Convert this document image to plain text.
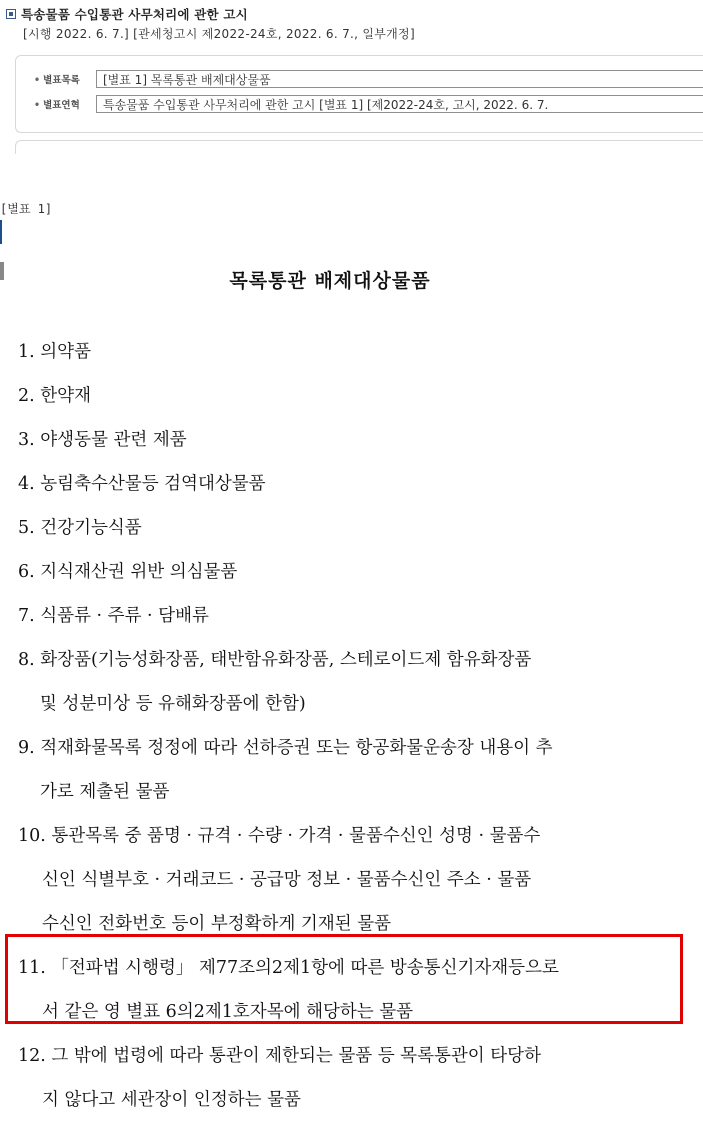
특송물품 수입통관 사무처리에 관한 고시
[시행 2022. 6. 7.] [관세청고시 제2022-24호, 2022. 6. 7., 일부개정]
• 별표목록	[별표 1] 목록통관 배제대상물품
• 별표연혁	특송물품 수입통관 사무처리에 관한 고시 [별표 1] [제2022-24호, 고시, 2022. 6. 7.
[별표 1]
목록통관 배제대상물품
1. 의약품
2. 한약재
3. 야생동물 관련 제품
4. 농림축수산물등 검역대상물품
5. 건강기능식품
6. 지식재산권 위반 의심물품
7. 식품류 · 주류 · 담배류
8. 화장품(기능성화장품, 태반함유화장품, 스테로이드제 함유화장품
및 성분미상 등 유해화장품에 한함)
9. 적재화물목록 정정에 따라 선하증권 또는 항공화물운송장 내용이 추
가로 제출된 물품
10. 통관목록 중 품명 · 규격 · 수량 · 가격 · 물품수신인 성명 · 물품수
신인 식별부호 · 거래코드 · 공급망 정보 · 물품수신인 주소 · 물품
수신인 전화번호 등이 부정확하게 기재된 물품
11. 「전파법 시행령」 제77조의2제1항에 따른 방송통신기자재등으로
서 같은 영 별표 6의2제1호자목에 해당하는 물품
12. 그 밖에 법령에 따라 통관이 제한되는 물품 등 목록통관이 타당하
지 않다고 세관장이 인정하는 물품
